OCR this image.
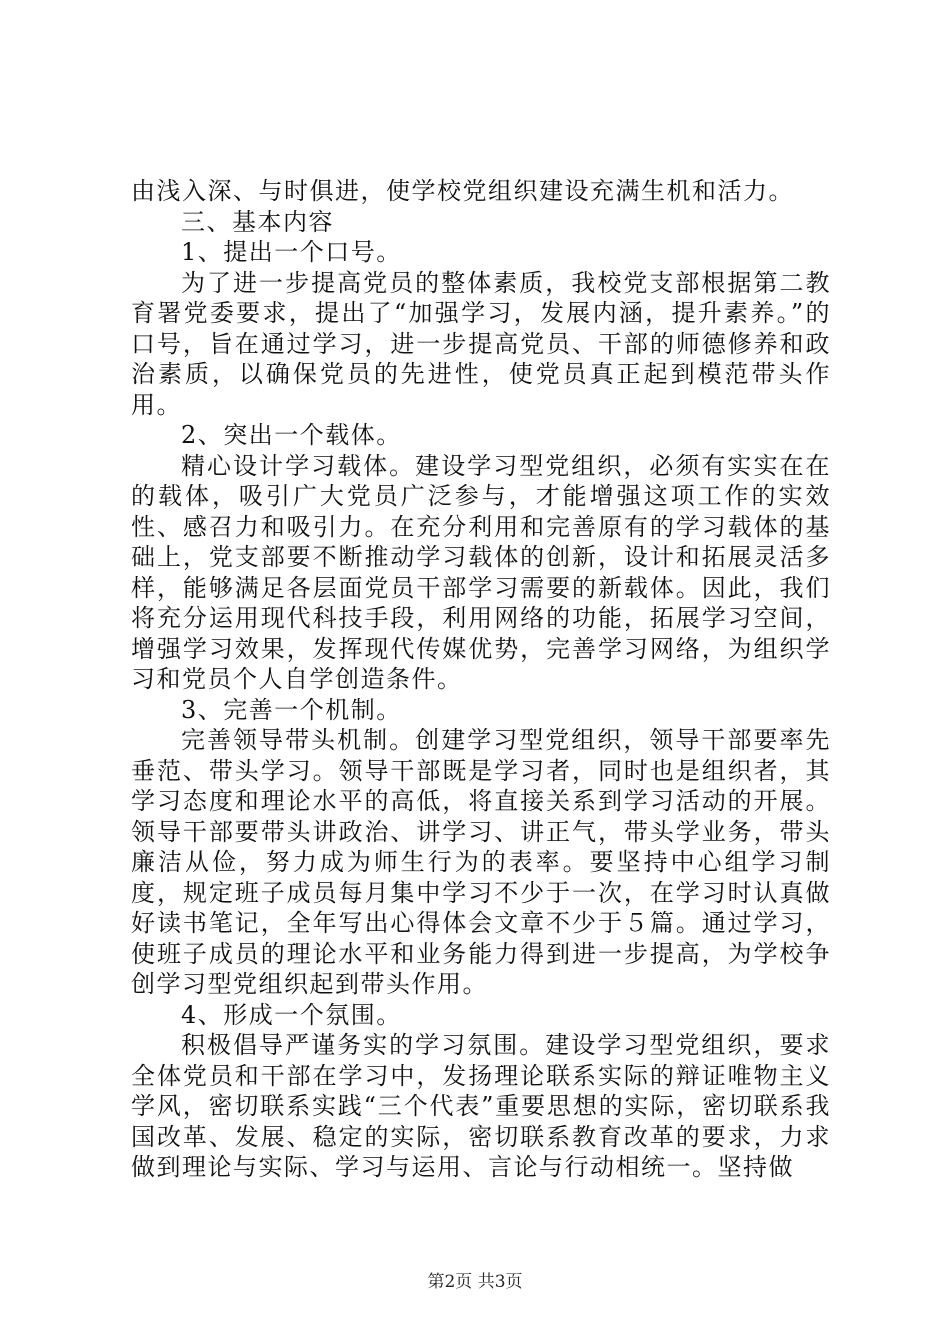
由浅入深、与时俱进，使学校党组织建设充满生机和活力。

三、基本内容

1、提出一个口号。

为了进一步提高党员的整体素质，我校党支部根据第二教育署党委要求，提出了“加强学习，发展内涵，提升素养。”的口号，旨在通过学习，进一步提高党员、干部的师德修养和政治素质，以确保党员的先进性，使党员真正起到模范带头作用。

2、突出一个载体。

精心设计学习载体。建设学习型党组织，必须有实实在在的载体，吸引广大党员广泛参与，才能增强这项工作的实效性、感召力和吸引力。在充分利用和完善原有的学习载体的基础上，党支部要不断推动学习载体的创新，设计和拓展灵活多样，能够满足各层面党员干部学习需要的新载体。因此，我们将充分运用现代科技手段，利用网络的功能，拓展学习空间，增强学习效果，发挥现代传媒优势，完善学习网络，为组织学习和党员个人自学创造条件。

3、完善一个机制。

完善领导带头机制。创建学习型党组织，领导干部要率先垂范、带头学习。领导干部既是学习者，同时也是组织者，其学习态度和理论水平的高低，将直接关系到学习活动的开展。领导干部要带头讲政治、讲学习、讲正气，带头学业务，带头廉洁从俭，努力成为师生行为的表率。要坚持中心组学习制度，规定班子成员每月集中学习不少于一次，在学习时认真做好读书笔记，全年写出心得体会文章不少于５篇。通过学习，使班子成员的理论水平和业务能力得到进一步提高，为学校争创学习型党组织起到带头作用。

4、形成一个氛围。

积极倡导严谨务实的学习氛围。建设学习型党组织，要求全体党员和干部在学习中，发扬理论联系实际的辩证唯物主义学风，密切联系实践“三个代表”重要思想的实际，密切联系我国改革、发展、稳定的实际，密切联系教育改革的要求，力求做到理论与实际、学习与运用、言论与行动相统一。坚持做

第2页 共3页
